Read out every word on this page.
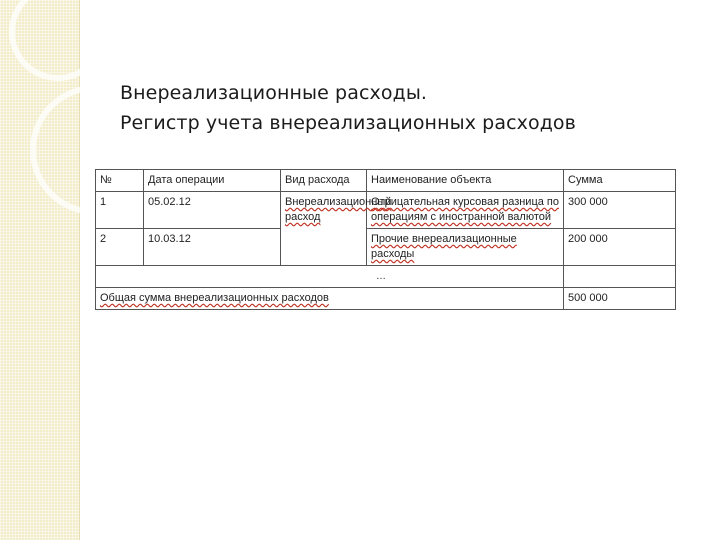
Внереализационные расходы.
Регистр учета внереализационных расходов
№	Дата операции	Вид расхода	Наименование объекта	Сумма
1	05.02.12	Внереализационный расход	Отрицательная курсовая разница по операциям с иностранной валютой	300 000
2	10.03.12		Прочие внереализационные расходы	200 000
…				
Общая сумма внереализационных расходов				500 000
